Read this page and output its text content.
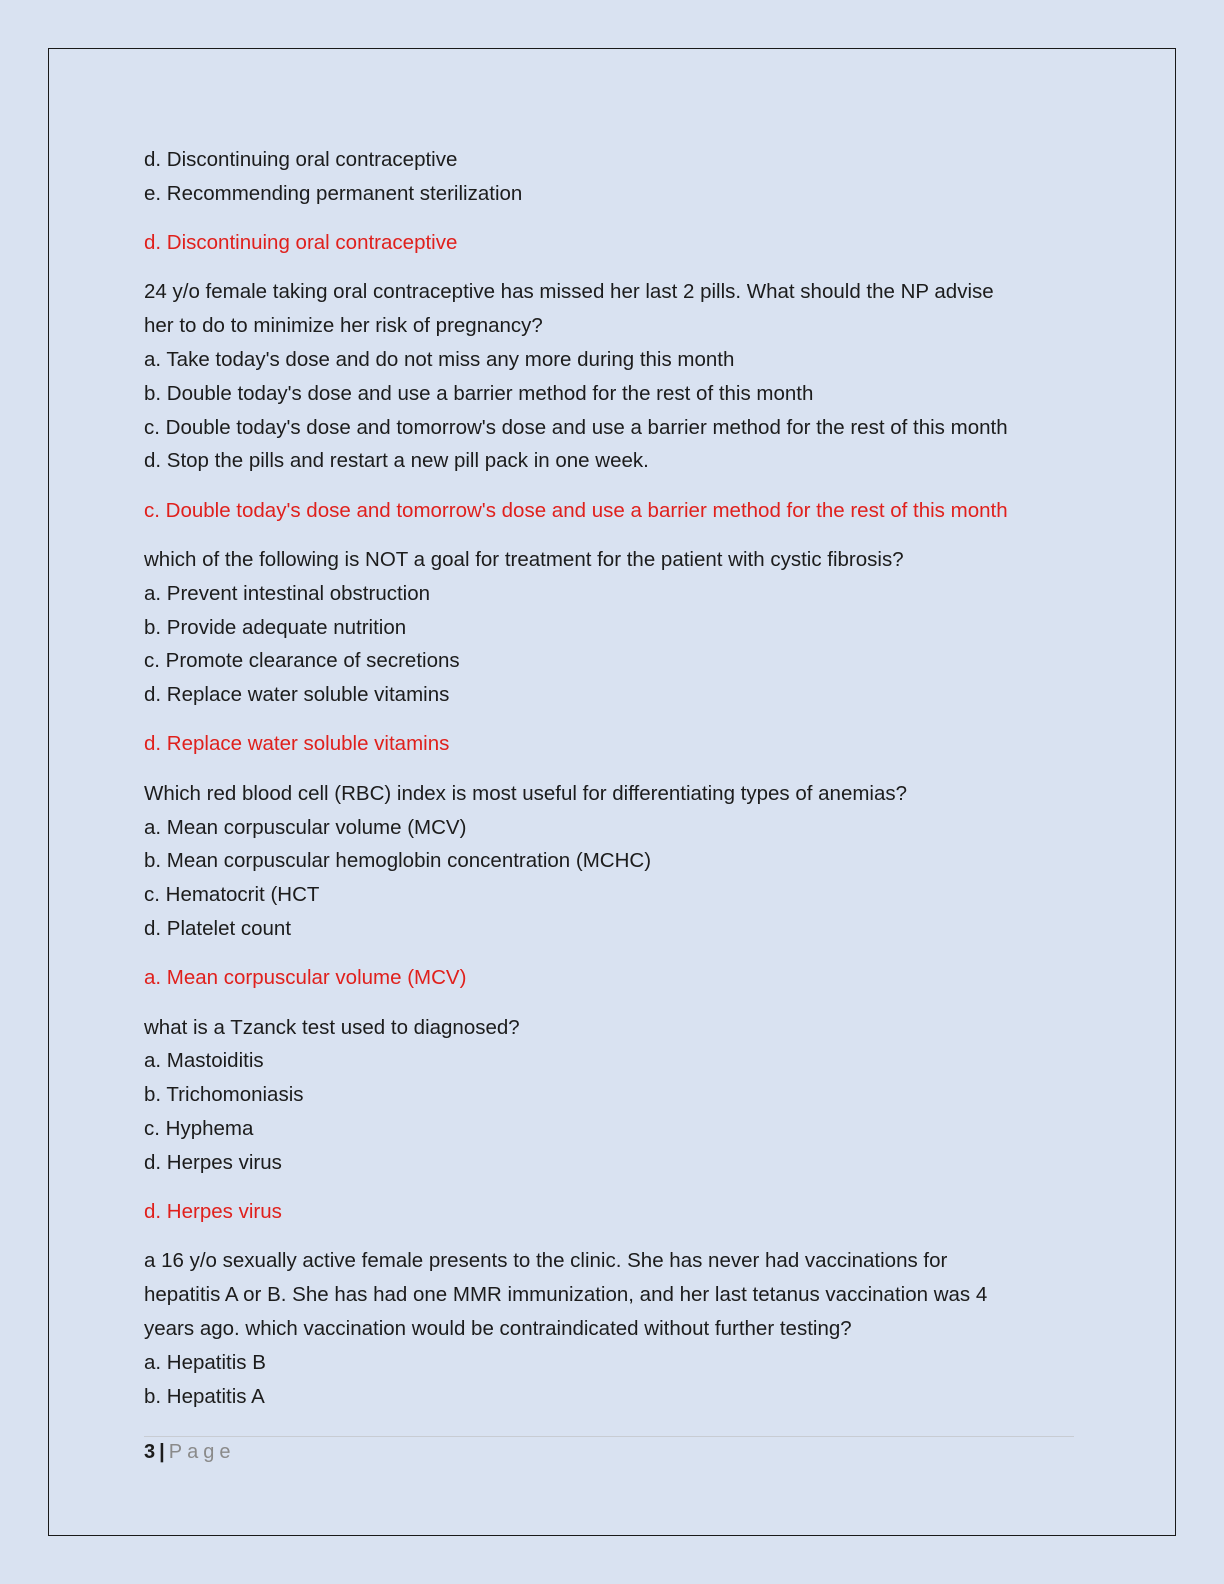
d. Discontinuing oral contraceptive

e. Recommending permanent sterilization

d. Discontinuing oral contraceptive

24 y/o female taking oral contraceptive has missed her last 2 pills. What should the NP advise

her to do to minimize her risk of pregnancy?

a. Take today's dose and do not miss any more during this month

b. Double today's dose and use a barrier method for the rest of this month

c. Double today's dose and tomorrow's dose and use a barrier method for the rest of this month

d. Stop the pills and restart a new pill pack in one week.

c. Double today's dose and tomorrow's dose and use a barrier method for the rest of this month

which of the following is NOT a goal for treatment for the patient with cystic fibrosis?

a. Prevent intestinal obstruction

b. Provide adequate nutrition

c. Promote clearance of secretions

d. Replace water soluble vitamins

d. Replace water soluble vitamins

Which red blood cell (RBC) index is most useful for differentiating types of anemias?

a. Mean corpuscular volume (MCV)

b. Mean corpuscular hemoglobin concentration (MCHC)

c. Hematocrit (HCT

d. Platelet count

a. Mean corpuscular volume (MCV)

what is a Tzanck test used to diagnosed?

a. Mastoiditis

b. Trichomoniasis

c. Hyphema

d. Herpes virus

d. Herpes virus

a 16 y/o sexually active female presents to the clinic. She has never had vaccinations for

hepatitis A or B. She has had one MMR immunization, and her last tetanus vaccination was 4

years ago. which vaccination would be contraindicated without further testing?

a. Hepatitis B

b. Hepatitis A

3 | Page
